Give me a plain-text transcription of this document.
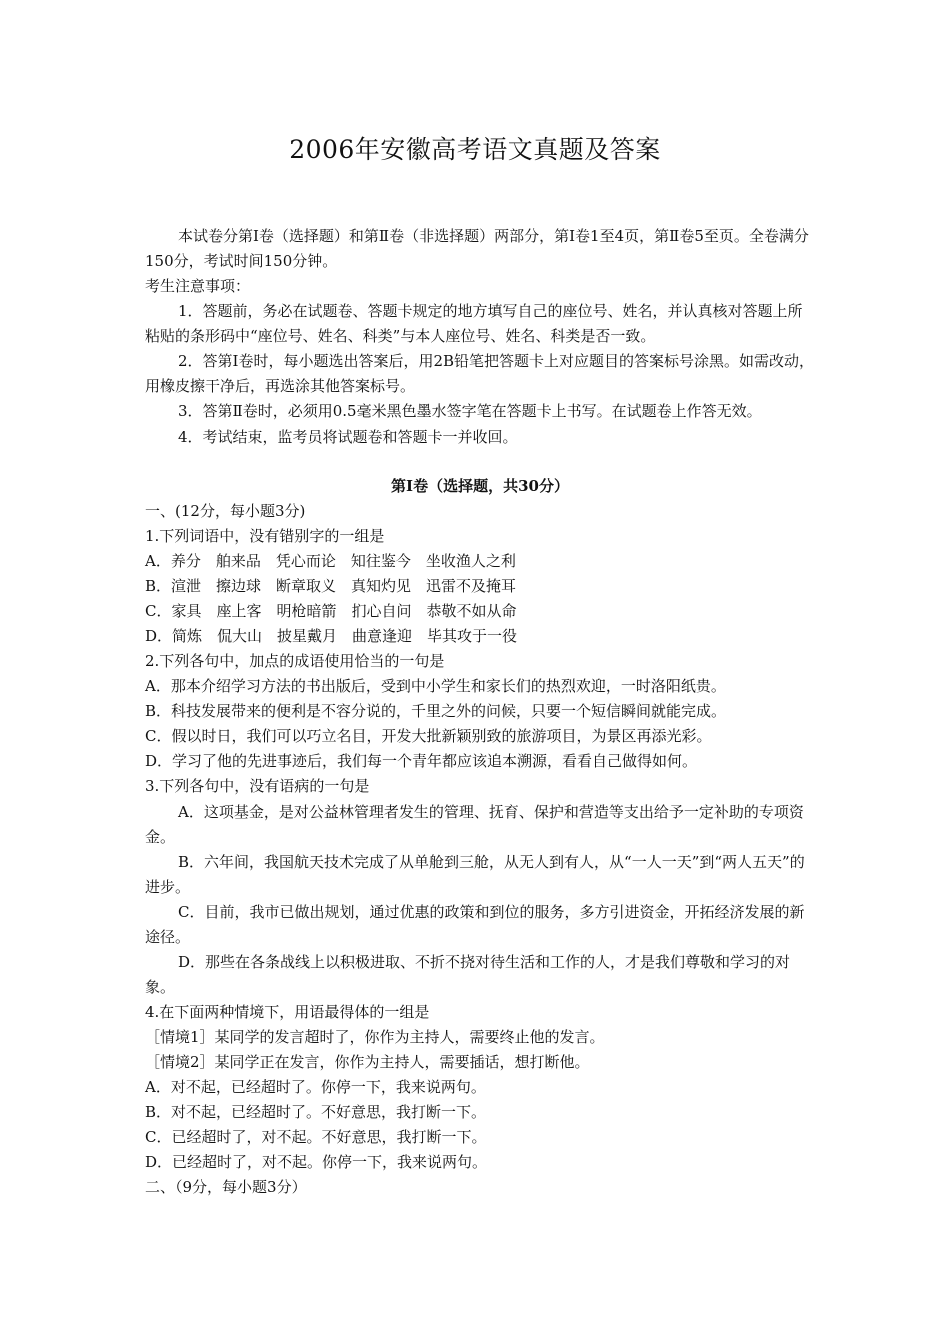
2006年安徽高考语文真题及答案

本试卷分第Ⅰ卷（选择题）和第Ⅱ卷（非选择题）两部分，第Ⅰ卷1至4页，第Ⅱ卷5至页。全卷满分150分，考试时间150分钟。

考生注意事项：

1．答题前，务必在试题卷、答题卡规定的地方填写自己的座位号、姓名，并认真核对答题上所粘贴的条形码中“座位号、姓名、科类”与本人座位号、姓名、科类是否一致。

2．答第Ⅰ卷时，每小题选出答案后，用2B铅笔把答题卡上对应题目的答案标号涂黑。如需改动，用橡皮擦干净后，再选涂其他答案标号。

3．答第Ⅱ卷时，必须用0.5毫米黑色墨水签字笔在答题卡上书写。在试题卷上作答无效。

4．考试结束，监考员将试题卷和答题卡一并收回。

第Ⅰ卷（选择题，共30分）

一、(12分，每小题3分)

1.下列词语中，没有错别字的一组是

A．养分　舶来品　凭心而论　知往鉴今　坐收渔人之利

B．渲泄　擦边球　断章取义　真知灼见　迅雷不及掩耳

C．家具　座上客　明枪暗箭　扪心自问　恭敬不如从命

D．简炼　侃大山　披星戴月　曲意逢迎　毕其攻于一役

2.下列各句中，加点的成语使用恰当的一句是

A．那本介绍学习方法的书出版后，受到中小学生和家长们的热烈欢迎，一时洛阳纸贵。

B．科技发展带来的便利是不容分说的，千里之外的问候，只要一个短信瞬间就能完成。

C．假以时日，我们可以巧立名目，开发大批新颖别致的旅游项目，为景区再添光彩。

D．学习了他的先进事迹后，我们每一个青年都应该追本溯源，看看自己做得如何。

3.下列各句中，没有语病的一句是

A．这项基金，是对公益林管理者发生的管理、抚育、保护和营造等支出给予一定补助的专项资金。

B．六年间，我国航天技术完成了从单舱到三舱，从无人到有人，从“一人一天”到“两人五天”的进步。

C．目前，我市已做出规划，通过优惠的政策和到位的服务，多方引进资金，开拓经济发展的新途径。

D．那些在各条战线上以积极进取、不折不挠对待生活和工作的人，才是我们尊敬和学习的对象。

4.在下面两种情境下，用语最得体的一组是

［情境1］某同学的发言超时了，你作为主持人，需要终止他的发言。

［情境2］某同学正在发言，你作为主持人，需要插话，想打断他。

A．对不起，已经超时了。你停一下，我来说两句。

B．对不起，已经超时了。不好意思，我打断一下。

C．已经超时了，对不起。不好意思，我打断一下。

D．已经超时了，对不起。你停一下，我来说两句。

二、（9分，每小题3分）
